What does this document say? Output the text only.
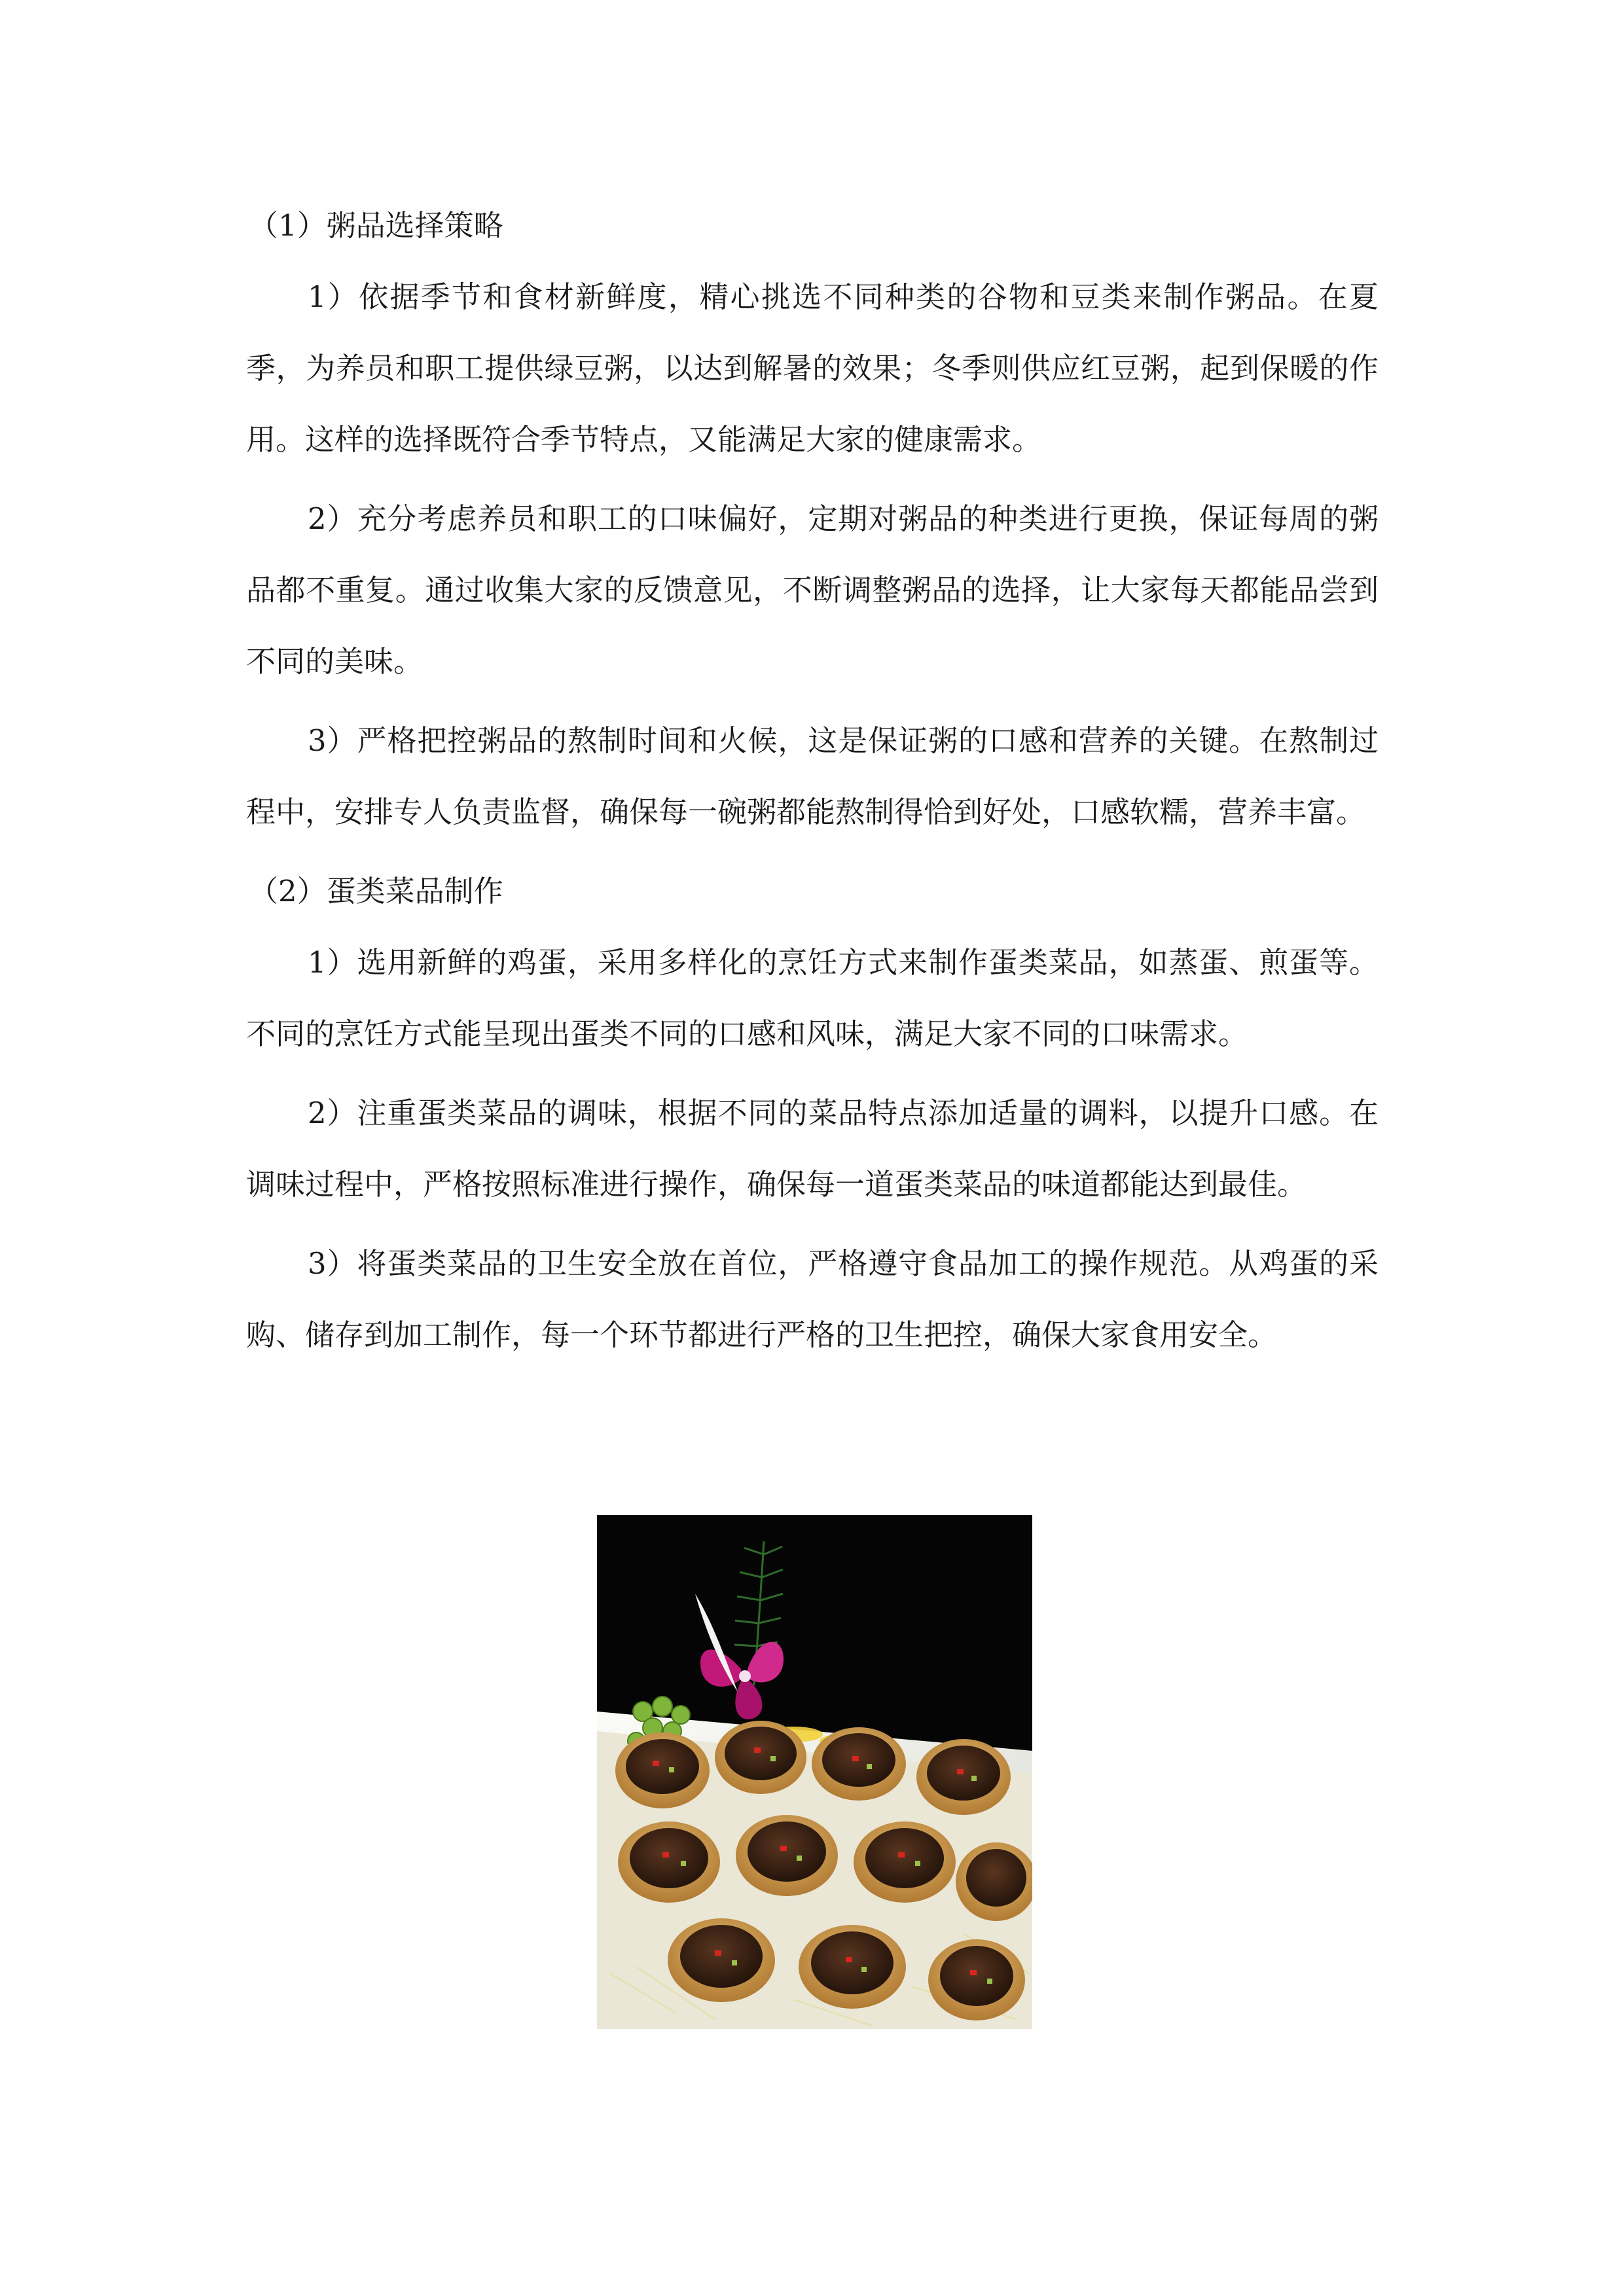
（1）粥品选择策略

1）依据季节和食材新鲜度，精心挑选不同种类的谷物和豆类来制作粥品。在夏季，为养员和职工提供绿豆粥，以达到解暑的效果；冬季则供应红豆粥，起到保暖的作用。这样的选择既符合季节特点，又能满足大家的健康需求。

2）充分考虑养员和职工的口味偏好，定期对粥品的种类进行更换，保证每周的粥品都不重复。通过收集大家的反馈意见，不断调整粥品的选择，让大家每天都能品尝到不同的美味。

3）严格把控粥品的熬制时间和火候，这是保证粥的口感和营养的关键。在熬制过程中，安排专人负责监督，确保每一碗粥都能熬制得恰到好处，口感软糯，营养丰富。

（2）蛋类菜品制作

1）选用新鲜的鸡蛋，采用多样化的烹饪方式来制作蛋类菜品，如蒸蛋、煎蛋等。不同的烹饪方式能呈现出蛋类不同的口感和风味，满足大家不同的口味需求。

2）注重蛋类菜品的调味，根据不同的菜品特点添加适量的调料，以提升口感。在调味过程中，严格按照标准进行操作，确保每一道蛋类菜品的味道都能达到最佳。

3）将蛋类菜品的卫生安全放在首位，严格遵守食品加工的操作规范。从鸡蛋的采购、储存到加工制作，每一个环节都进行严格的卫生把控，确保大家食用安全。
